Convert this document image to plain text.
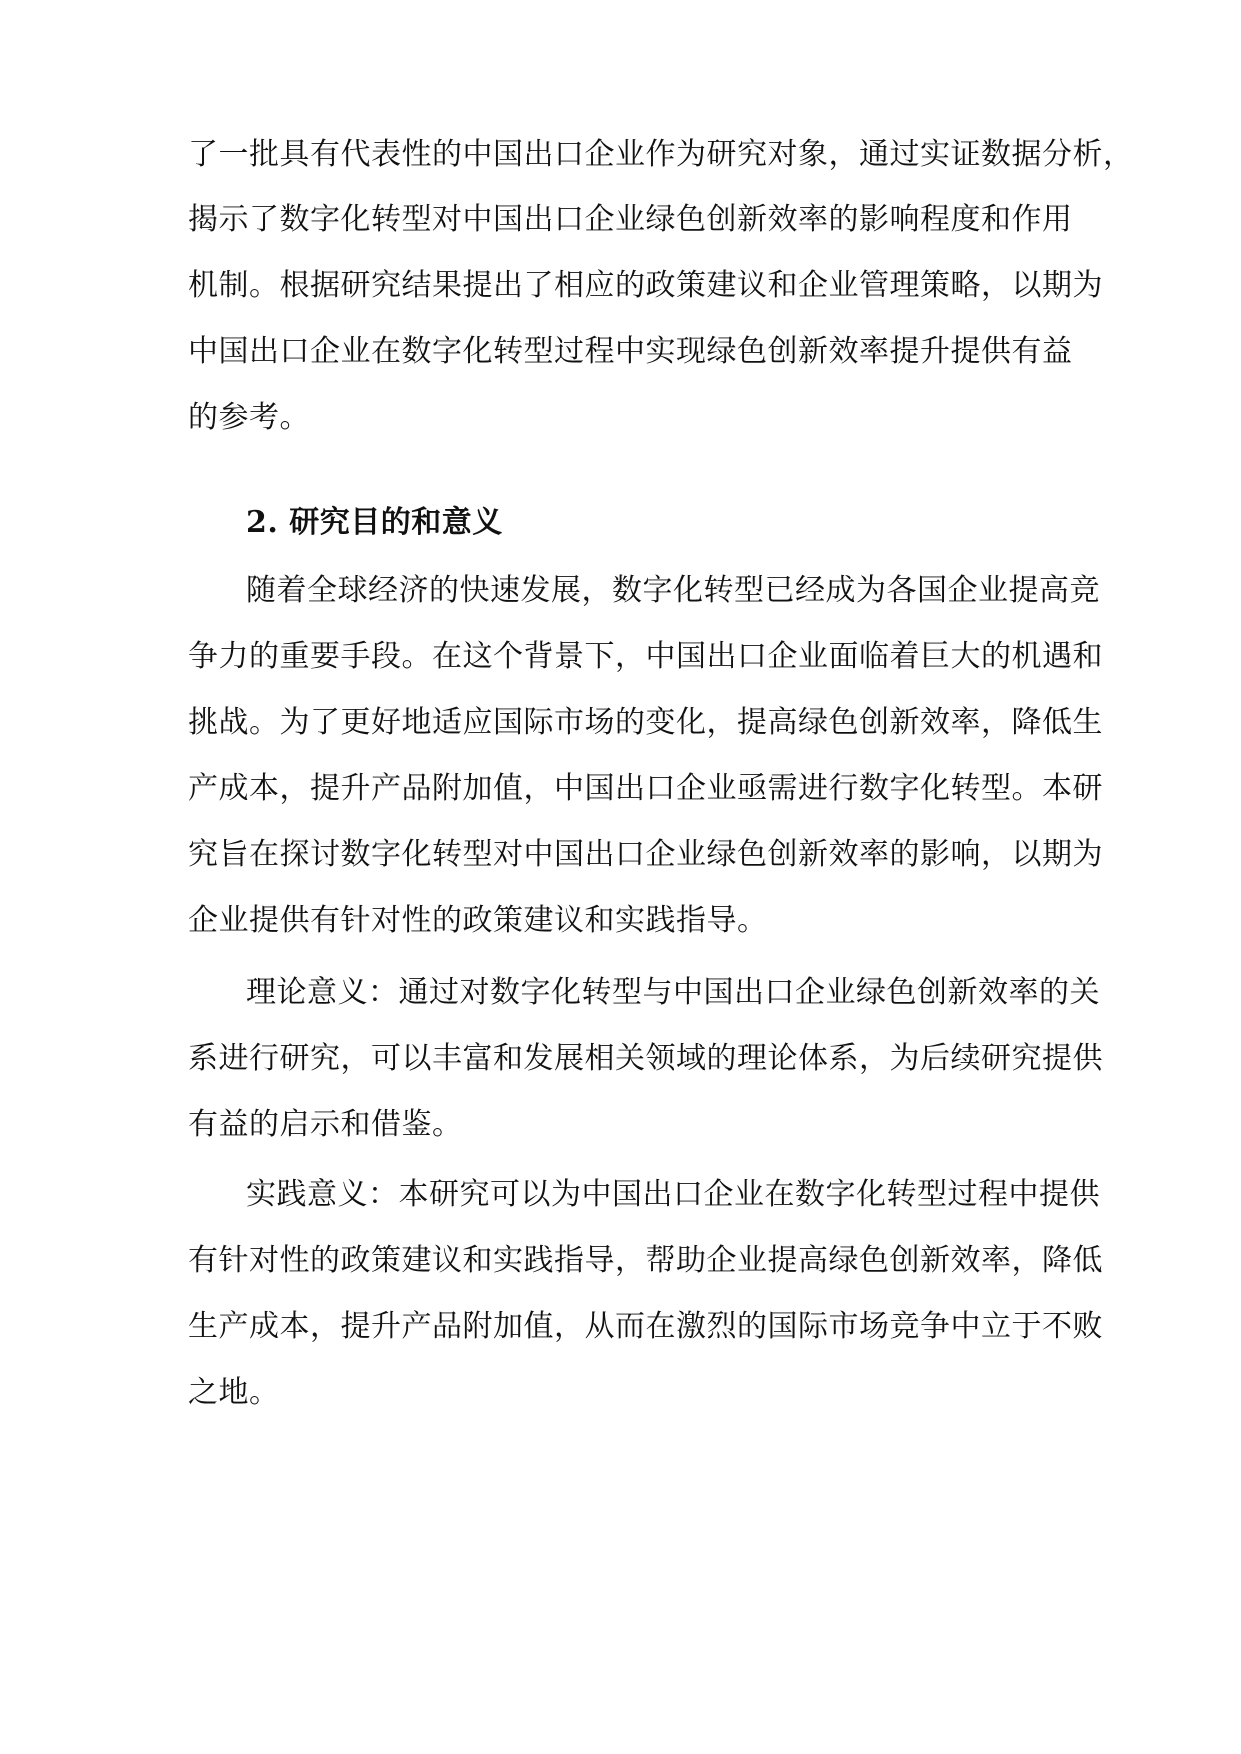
了一批具有代表性的中国出口企业作为研究对象，通过实证数据分析，
揭示了数字化转型对中国出口企业绿色创新效率的影响程度和作用
机制。根据研究结果提出了相应的政策建议和企业管理策略，以期为
中国出口企业在数字化转型过程中实现绿色创新效率提升提供有益
的参考。
2. 研究目的和意义
随着全球经济的快速发展，数字化转型已经成为各国企业提高竞
争力的重要手段。在这个背景下，中国出口企业面临着巨大的机遇和
挑战。为了更好地适应国际市场的变化，提高绿色创新效率，降低生
产成本，提升产品附加值，中国出口企业亟需进行数字化转型。本研
究旨在探讨数字化转型对中国出口企业绿色创新效率的影响，以期为
企业提供有针对性的政策建议和实践指导。
理论意义：通过对数字化转型与中国出口企业绿色创新效率的关
系进行研究，可以丰富和发展相关领域的理论体系，为后续研究提供
有益的启示和借鉴。
实践意义：本研究可以为中国出口企业在数字化转型过程中提供
有针对性的政策建议和实践指导，帮助企业提高绿色创新效率，降低
生产成本，提升产品附加值，从而在激烈的国际市场竞争中立于不败
之地。
